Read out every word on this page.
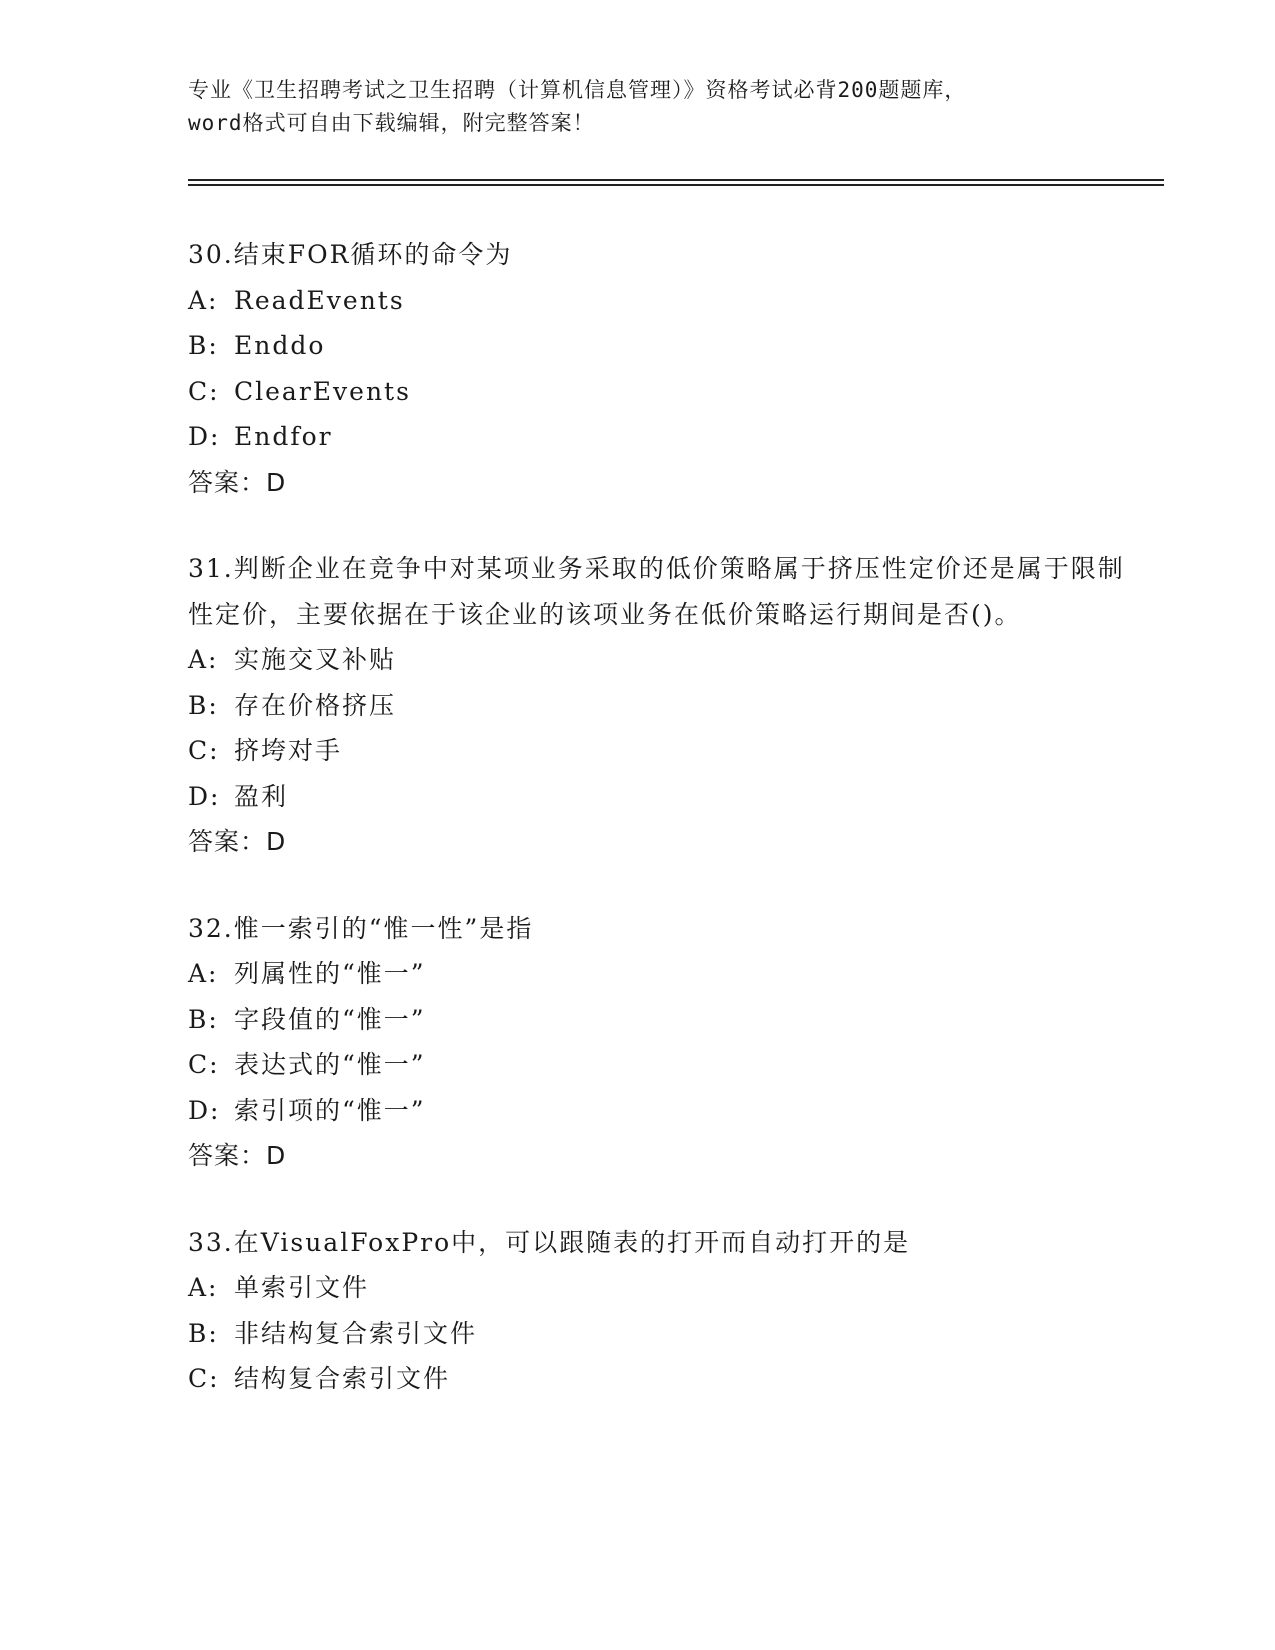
专业《卫生招聘考试之卫生招聘（计算机信息管理）》资格考试必背200题题库，
word格式可自由下载编辑，附完整答案！
30.结束FOR循环的命令为
A: ReadEvents
B: Enddo
C: ClearEvents
D: Endfor
答案：D
31.判断企业在竞争中对某项业务采取的低价策略属于挤压性定价还是属于限制性定价，主要依据在于该企业的该项业务在低价策略运行期间是否()。
A: 实施交叉补贴
B: 存在价格挤压
C: 挤垮对手
D: 盈利
答案：D
32.惟一索引的“惟一性”是指
A: 列属性的“惟一”
B: 字段值的“惟一”
C: 表达式的“惟一”
D: 索引项的“惟一”
答案：D
33.在VisualFoxPro中，可以跟随表的打开而自动打开的是
A: 单索引文件
B: 非结构复合索引文件
C: 结构复合索引文件
